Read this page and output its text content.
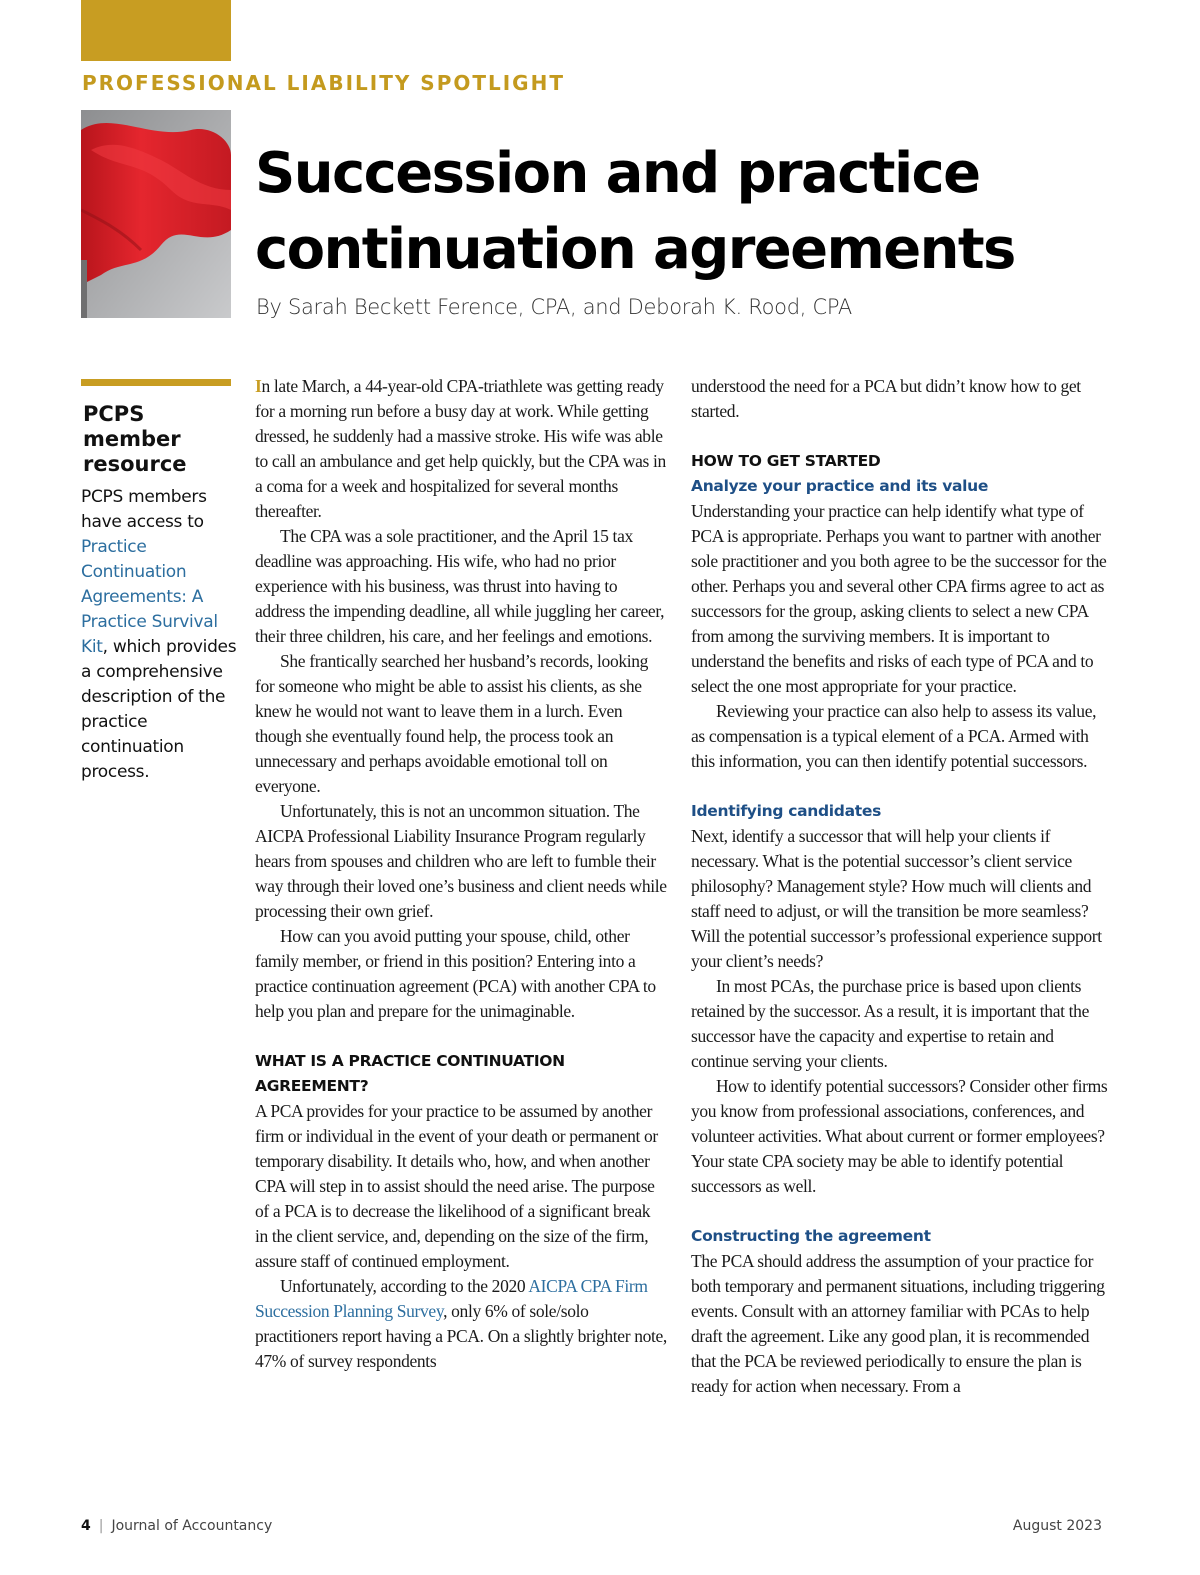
PROFESSIONAL LIABILITY SPOTLIGHT

Succession and practice
continuation agreements

By Sarah Beckett Ference, CPA, and Deborah K. Rood, CPA

PCPS member resource

PCPS members have access to Practice Continuation Agreements: A Practice Survival Kit, which provides a comprehensive description of the practice continuation process.

In late March, a 44-year-old CPA-triathlete was getting ready for a morning run before a busy day at work. While getting dressed, he suddenly had a massive stroke. His wife was able to call an ambulance and get help quickly, but the CPA was in a coma for a week and hospitalized for several months thereafter.

The CPA was a sole practitioner, and the April 15 tax deadline was approaching. His wife, who had no prior experience with his business, was thrust into having to address the impending deadline, all while juggling her career, their three children, his care, and her feelings and emotions.

She frantically searched her husband’s records, looking for someone who might be able to assist his clients, as she knew he would not want to leave them in a lurch. Even though she eventually found help, the process took an unnecessary and perhaps avoidable emotional toll on everyone.

Unfortunately, this is not an uncommon situation. The AICPA Professional Liability Insurance Program regularly hears from spouses and children who are left to fumble their way through their loved one’s business and client needs while processing their own grief.

How can you avoid putting your spouse, child, other family member, or friend in this position? Entering into a practice continuation agreement (PCA) with another CPA to help you plan and prepare for the unimaginable.

WHAT IS A PRACTICE CONTINUATION AGREEMENT?

A PCA provides for your practice to be assumed by another firm or individual in the event of your death or permanent or temporary disability. It details who, how, and when another CPA will step in to assist should the need arise. The purpose of a PCA is to decrease the likelihood of a significant break in the client service, and, depending on the size of the firm, assure staff of continued employment.

Unfortunately, according to the 2020 AICPA CPA Firm Succession Planning Survey, only 6% of sole/solo practitioners report having a PCA. On a slightly brighter note, 47% of survey respondents

understood the need for a PCA but didn’t know how to get started.

HOW TO GET STARTED
Analyze your practice and its value

Understanding your practice can help identify what type of PCA is appropriate. Perhaps you want to partner with another sole practitioner and you both agree to be the successor for the other. Perhaps you and several other CPA firms agree to act as successors for the group, asking clients to select a new CPA from among the surviving members. It is important to understand the benefits and risks of each type of PCA and to select the one most appropriate for your practice.

Reviewing your practice can also help to assess its value, as compensation is a typical element of a PCA. Armed with this information, you can then identify potential successors.

Identifying candidates

Next, identify a successor that will help your clients if necessary. What is the potential successor’s client service philosophy? Management style? How much will clients and staff need to adjust, or will the transition be more seamless? Will the potential successor’s professional experience support your client’s needs?

In most PCAs, the purchase price is based upon clients retained by the successor. As a result, it is important that the successor have the capacity and expertise to retain and continue serving your clients.

How to identify potential successors? Consider other firms you know from professional associations, conferences, and volunteer activities. What about current or former employees? Your state CPA society may be able to identify potential successors as well.

Constructing the agreement

The PCA should address the assumption of your practice for both temporary and permanent situations, including triggering events. Consult with an attorney familiar with PCAs to help draft the agreement. Like any good plan, it is recommended that the PCA be reviewed periodically to ensure the plan is ready for action when necessary. From a

4 | Journal of Accountancy	August 2023
